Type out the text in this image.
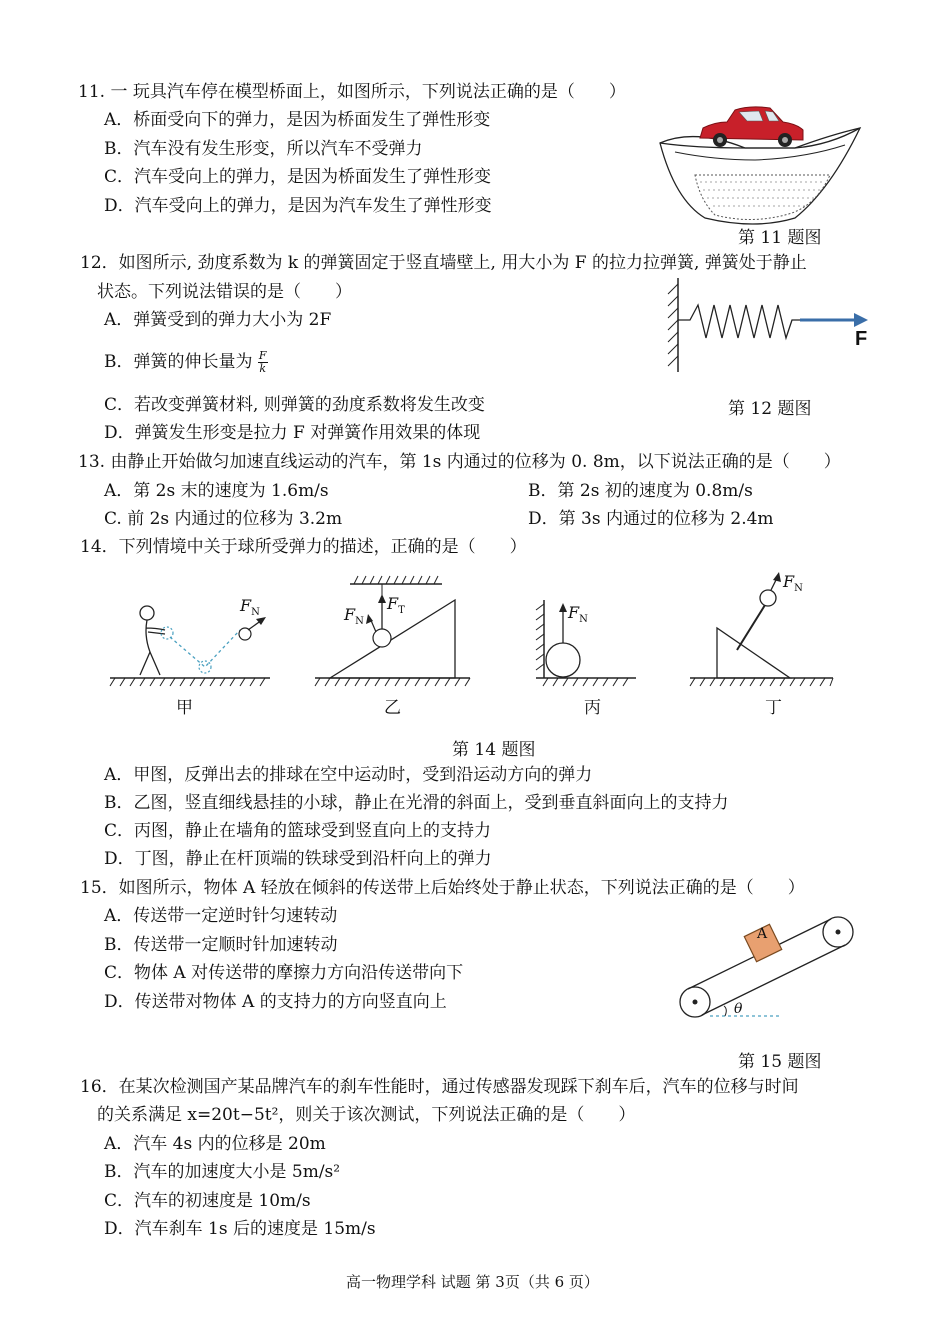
11. 一 玩具汽车停在模型桥面上，如图所示，下列说法正确的是（　　）
A．桥面受向下的弹力，是因为桥面发生了弹性形变
B．汽车没有发生形变，所以汽车不受弹力
C．汽车受向上的弹力，是因为桥面发生了弹性形变
D．汽车受向上的弹力，是因为汽车发生了弹性形变
第 11 题图
12．如图所示, 劲度系数为 k 的弹簧固定于竖直墙壁上, 用大小为 F 的拉力拉弹簧, 弹簧处于静止
状态。下列说法错误的是（　　）
A．弹簧受到的弹力大小为 2F
B．弹簧的伸长量为 $\frac{F}{k}$
C．若改变弹簧材料, 则弹簧的劲度系数将发生改变
D．弹簧发生形变是拉力 F 对弹簧作用效果的体现
F
第 12 题图
13. 由静止开始做匀加速直线运动的汽车，第 1s 内通过的位移为 0. 8m，以下说法正确的是（　　）
A．第 2s 末的速度为 1.6m/s	B．第 2s 初的速度为 0.8m/s
C. 前 2s 内通过的位移为 3.2m	D．第 3s 内通过的位移为 2.4m
14．下列情境中关于球所受弹力的描述，正确的是（　　）
$F_N$	$F_N$
$F_T$	$F_N$
$F_N$
甲	乙	丙	丁
第 14 题图
A．甲图，反弹出去的排球在空中运动时，受到沿运动方向的弹力
B．乙图，竖直细线悬挂的小球，静止在光滑的斜面上，受到垂直斜面向上的支持力
C．丙图，静止在墙角的篮球受到竖直向上的支持力
D．丁图，静止在杆顶端的铁球受到沿杆向上的弹力
15．如图所示，物体 A 轻放在倾斜的传送带上后始终处于静止状态，下列说法正确的是（　　）
A．传送带一定逆时针匀速转动
B．传送带一定顺时针加速转动
C．物体 A 对传送带的摩擦力方向沿传送带向下
D．传送带对物体 A 的支持力的方向竖直向上
A
θ
第 15 题图
16．在某次检测国产某品牌汽车的刹车性能时，通过传感器发现踩下刹车后，汽车的位移与时间
的关系满足 x=20t−5t²，则关于该次测试，下列说法正确的是（　　）
A．汽车 4s 内的位移是 20m
B．汽车的加速度大小是 5m/s²
C．汽车的初速度是 10m/s
D．汽车刹车 1s 后的速度是 15m/s
高一物理学科 试题 第 3页（共 6 页）
